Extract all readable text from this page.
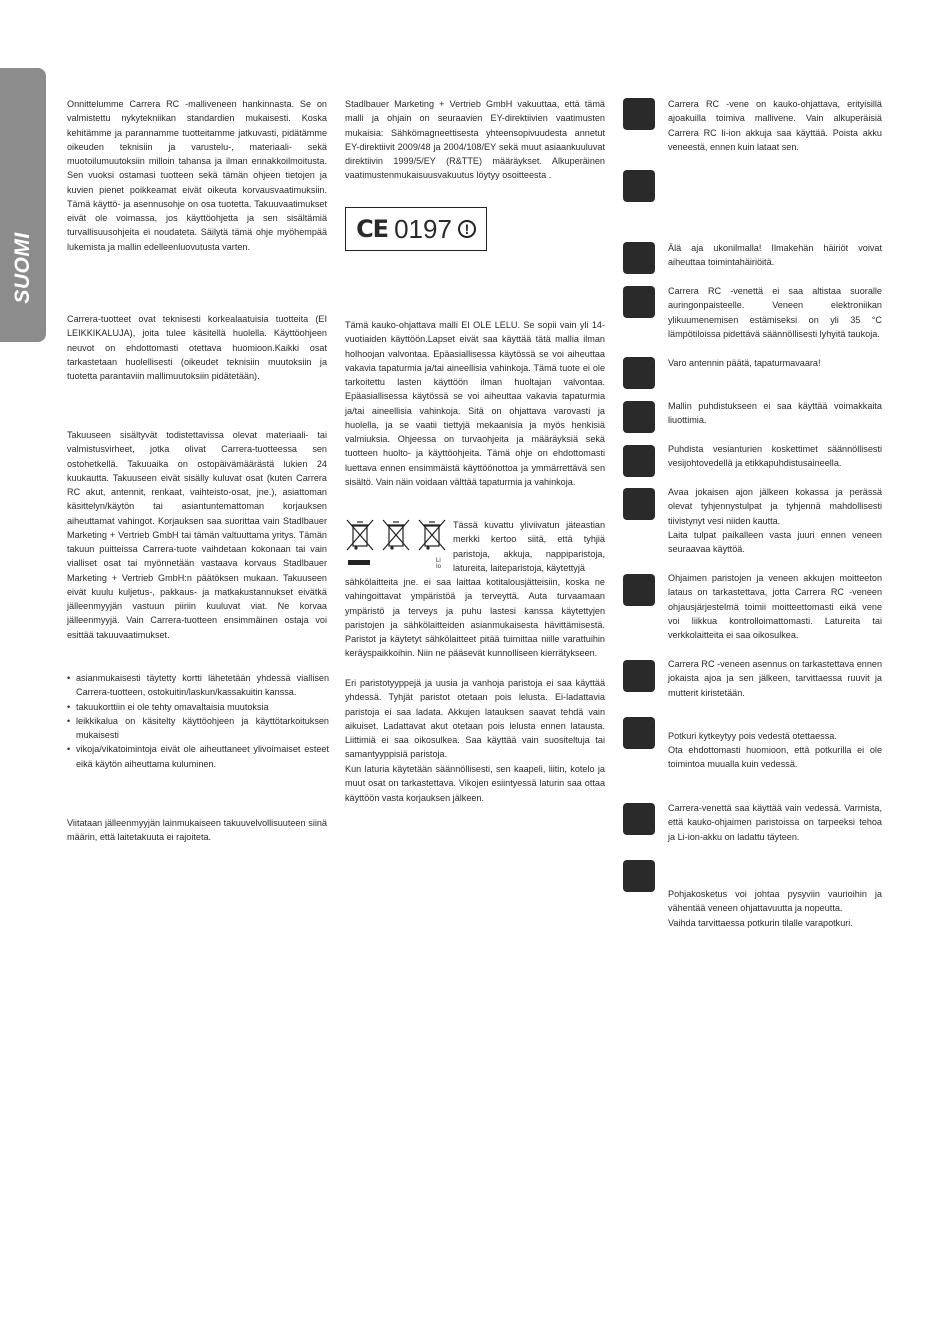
SUOMI

Onnittelumme Carrera RC -malliveneen hankinnasta. Se on valmistettu nykytekniikan standardien mukaisesti. Koska kehitämme ja parannamme tuotteitamme jatkuvasti, pidätämme oikeuden teknisiin ja varustelu-, materiaali- sekä muotoilumuutoksiin milloin tahansa ja ilman ennakkoilmoitusta. Sen vuoksi ostamasi tuotteen sekä tämän ohjeen tietojen ja kuvien pienet poikkeamat eivät oikeuta korvausvaatimuksiin. Tämä käyttö- ja asennusohje on osa tuotetta. Takuuvaatimukset eivät ole voimassa, jos käyttöohjetta ja sen sisältämiä turvallisuusohjeita ei noudateta. Säilytä tämä ohje myöhempää lukemista ja mallin edelleenluovutusta varten.

Carrera-tuotteet ovat teknisesti korkealaatuisia tuotteita (EI LEIKKIKALUJA), joita tulee käsitellä huolella. Käyttöohjeen neuvot on ehdottomasti otettava huomioon.Kaikki osat tarkastetaan huolellisesti (oikeudet teknisiin muutoksiin ja tuotetta parantaviin mallimuutoksiin pidätetään).

Takuuseen sisältyvät todistettavissa olevat materiaali- tai valmistusvirheet, jotka olivat Carrera-tuotteessa sen ostohetkellä. Takuuaika on ostopäivämäärästä lukien 24 kuukautta. Takuuseen eivät sisälly kuluvat osat (kuten Carrera RC akut, antennit, renkaat, vaihteisto-osat, jne.), asiattoman käsittelyn/käytön tai asiantuntemattoman korjauksen aiheuttamat vahingot. Korjauksen saa suorittaa vain Stadlbauer Marketing + Vertrieb GmbH tai tämän valtuuttama yritys. Tämän takuun puitteissa Carrera-tuote vaihdetaan kokonaan tai vain vialliset osat tai myönnetään vastaava korvaus Stadlbauer Marketing + Vertrieb GmbH:n päätöksen mukaan. Takuuseen eivät kuulu kuljetus-, pakkaus- ja matkakustannukset eivätkä jälleenmyyjän vastuun piiriin kuuluvat viat. Ne korvaa jälleenmyyjä. Vain Carrera-tuotteen ensimmäinen ostaja voi esittää takuuvaatimukset.

• asianmukaisesti täytetty kortti lähetetään yhdessä viallisen Carrera-tuotteen, ostokuitin/laskun/kassakuitin kanssa.
• takuukorttiin ei ole tehty omavaltaisia muutoksia
• leikkikalua on käsitelty käyttöohjeen ja käyttötarkoituksen mukaisesti
• vikoja/vikatoimintoja eivät ole aiheuttaneet ylivoimaiset esteet eikä käytön aiheuttama kuluminen.

Viitataan jälleenmyyjän lainmukaiseen takuuvelvollisuuteen siinä määrin, että laitetakuuta ei rajoiteta.

Stadlbauer Marketing + Vertrieb GmbH vakuuttaa, että tämä malli ja ohjain on seuraavien EY-direktiivien vaatimusten mukaisia: Sähkömagneettisesta yhteensopivuudesta annetut EY-direktiivit 2009/48 ja 2004/108/EY sekä muut asiaankuuluvat direktiivin 1999/5/EY (R&TTE) määräykset. Alkuperäinen vaatimustenmukaisuusvakuutus löytyy osoitteesta .

CE 0197 !

Tämä kauko-ohjattava malli EI OLE LELU. Se sopii vain yli 14-vuotiaiden käyttöön.Lapset eivät saa käyttää tätä mallia ilman holhoojan valvontaa. Epäasiallisessa käytössä se voi aiheuttaa vakavia tapaturmia ja/tai aineellisia vahinkoja. Tämä tuote ei ole tarkoitettu lasten käyttöön ilman huoltajan valvontaa. Epäasiallisessa käytössä se voi aiheuttaa vakavia tapaturmia ja/tai aineellisia vahinkoja. Sitä on ohjattava varovasti ja huolella, ja se vaatii tiettyjä mekaanisia ja myös henkisiä valmiuksia. Ohjeessa on turvaohjeita ja määräyksiä sekä tuotteen huolto- ja käyttöohjeita. Tämä ohje on ehdottomasti luettava ennen ensimmäistä käyttöönottoa ja ymmärrettävä sen sisältö. Vain näin voidaan välttää tapaturmia ja vahinkoja.

Li Io

Tässä kuvattu yliviivatun jäteastian merkki kertoo siitä, että tyhjiä paristoja, akkuja, nappiparistoja, latureita, laiteparistoja, käytettyjä

sähkölaitteita jne. ei saa laittaa kotitalousjätteisiin, koska ne vahingoittavat ympäristöä ja terveyttä. Auta turvaamaan ympäristö ja terveys ja puhu lastesi kanssa käytettyjen paristojen ja sähkölaitteiden asianmukaisesta hävittämisestä. Paristot ja käytetyt sähkölaitteet pitää tuimittaa niille varattuihin keräyspaikkoihin. Niin ne pääsevät kunnolliseen kierrätykseen.

Eri paristotyyppejä ja uusia ja vanhoja paristoja ei saa käyttää yhdessä. Tyhjät paristot otetaan pois lelusta. Ei-ladattavia paristoja ei saa ladata. Akkujen latauksen saavat tehdä vain aikuiset. Ladattavat akut otetaan pois lelusta ennen latausta. Liittimiä ei saa oikosulkea. Saa käyttää vain suositeltuja tai samantyyppisiä paristoja.

Kun laturia käytetään säännöllisesti, sen kaapeli, liitin, kotelo ja muut osat on tarkastettava. Vikojen esiintyessä laturin saa ottaa käyttöön vasta korjauksen jälkeen.

Carrera RC -vene on kauko-ohjattava, erityisillä ajoakuilla toimiva mallivene. Vain alkuperäisiä Carrera RC li-ion akkuja saa käyttää. Poista akku veneestä, ennen kuin lataat sen.

Älä aja ukonilmalla! Ilmakehän häiriöt voivat aiheuttaa toimintahäiriöitä.

Carrera RC -venettä ei saa altistaa suoralle auringonpaisteelle. Veneen elektroniikan ylikuumenemisen estämiseksi on yli 35 °C lämpötiloissa pidettävä säännöllisesti lyhyitä taukoja.

Varo antennin päätä, tapaturmavaara!

Mallin puhdistukseen ei saa käyttää voimakkaita liuottimia.

Puhdista vesianturien koskettimet säännöllisesti vesijohtovedellä ja etikkapuhdistusaineella.

Avaa jokaisen ajon jälkeen kokassa ja perässä olevat tyhjennystulpat ja tyhjennä mahdollisesti tiivistynyt vesi niiden kautta.

Laita tulpat paikalleen vasta juuri ennen veneen seuraavaa käyttöä.

Ohjaimen paristojen ja veneen akkujen moitteeton lataus on tarkastettava, jotta Carrera RC -veneen ohjausjärjestelmä toimii moitteettomasti eikä vene voi liikkua kontrolloimattomasti. Latureita tai verkkolaitteita ei saa oikosulkea.

Carrera RC -veneen asennus on tarkastettava ennen jokaista ajoa ja sen jälkeen, tarvittaessa ruuvit ja mutterit kiristetään.

Potkuri kytkeytyy pois vedestä otettaessa.

Ota ehdottomasti huomioon, että potkurilla ei ole toimintoa muualla kuin vedessä.

Carrera-venettä saa käyttää vain vedessä. Varmista, että kauko-ohjaimen paristoissa on tarpeeksi tehoa ja Li-ion-akku on ladattu täyteen.

Pohjakosketus voi johtaa pysyviin vaurioihin ja vähentää veneen ohjattavuutta ja nopeutta.

Vaihda tarvittaessa potkurin tilalle varapotkuri.
